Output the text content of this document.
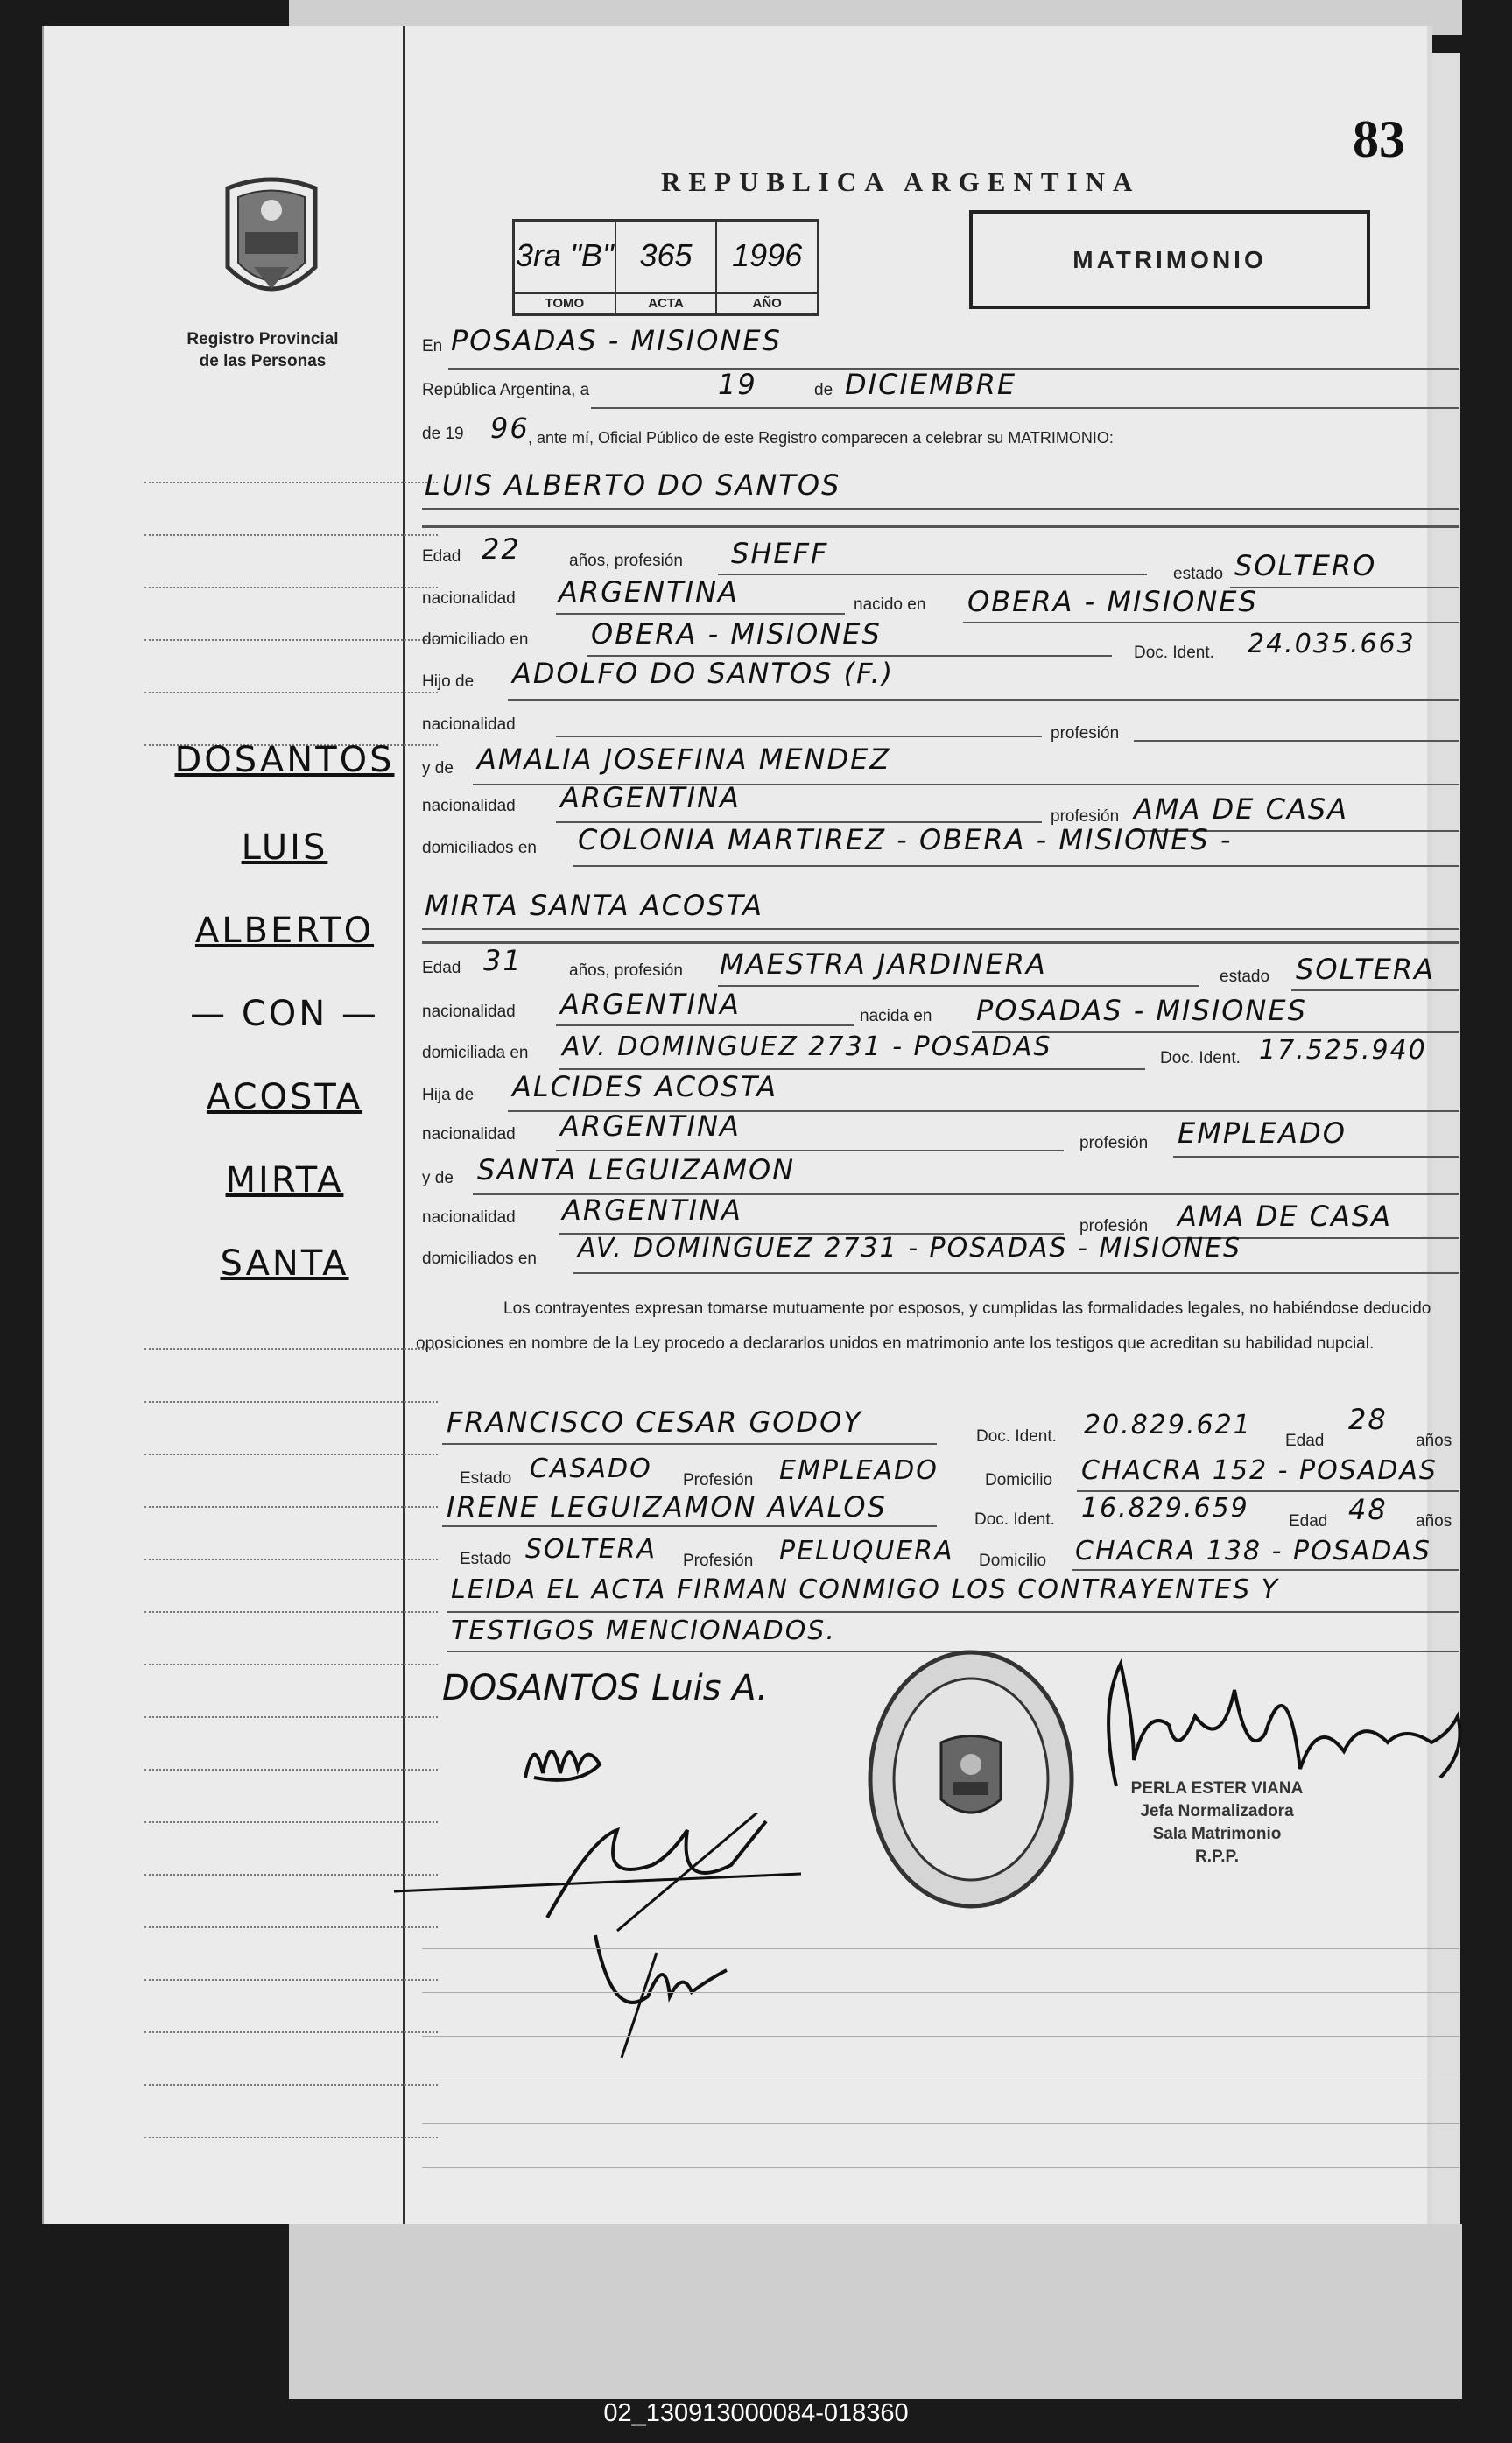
Registro Provincial de las Personas
DOSANTOS
LUIS
ALBERTO
— CON —
ACOSTA
MIRTA
SANTA
83
REPUBLICA ARGENTINA
3ra "B"
TOMO
365
ACTA
1996
AÑO
MATRIMONIO
En POSADAS - MISIONES
República Argentina, a	19	de DICIEMBRE
de 19 96
, ante mí, Oficial Público de este Registro comparecen a celebrar su MATRIMONIO:
LUIS ALBERTO DO SANTOS
Edad 22	años, profesión SHEFF
estado SOLTERO
nacionalidad ARGENTINA	nacido en OBERA - MISIONES
domiciliado en OBERA - MISIONES
Doc. Ident. 24.035.663
Hijo de ADOLFO DO SANTOS (F.)
nacionalidad	profesión
y de AMALIA JOSEFINA MENDEZ
nacionalidad ARGENTINA
profesión AMA DE CASA
domiciliados en COLONIA MARTIREZ - OBERA - MISIONES -
MIRTA SANTA ACOSTA
Edad 31	años, profesión MAESTRA JARDINERA	estado SOLTERA
nacionalidad ARGENTINA	nacida en POSADAS - MISIONES
domiciliada en AV. DOMINGUEZ 2731 - POSADAS	Doc. Ident. 17.525.940
Hija de ALCIDES ACOSTA
nacionalidad ARGENTINA
profesión EMPLEADO
y de SANTA LEGUIZAMON
nacionalidad ARGENTINA	profesión AMA DE CASA
domiciliados en AV. DOMINGUEZ 2731 - POSADAS - MISIONES
Los contrayentes expresan tomarse mutuamente por esposos, y cumplidas las formalidades legales, no habiéndose deducido oposiciones en nombre de la Ley procedo a declararlos unidos en matrimonio ante los testigos que acreditan su habilidad nupcial.
FRANCISCO CESAR GODOY	Doc. Ident. 20.829.621
Edad
28
años
Estado CASADO Profesión EMPLEADO	Domicilio CHACRA 152 - POSADAS
IRENE LEGUIZAMON AVALOS	Doc. Ident. 16.829.659 Edad 48 años
Estado SOLTERA Profesión PELUQUERA Domicilio CHACRA 138 - POSADAS
LEIDA EL ACTA FIRMAN CONMIGO LOS CONTRAYENTES Y
TESTIGOS MENCIONADOS.
DOSANTOS Luis A.
PERLA ESTER VIANA
Jefa Normalizadora
Sala Matrimonio
R.P.P.
02_130913000084-018360
